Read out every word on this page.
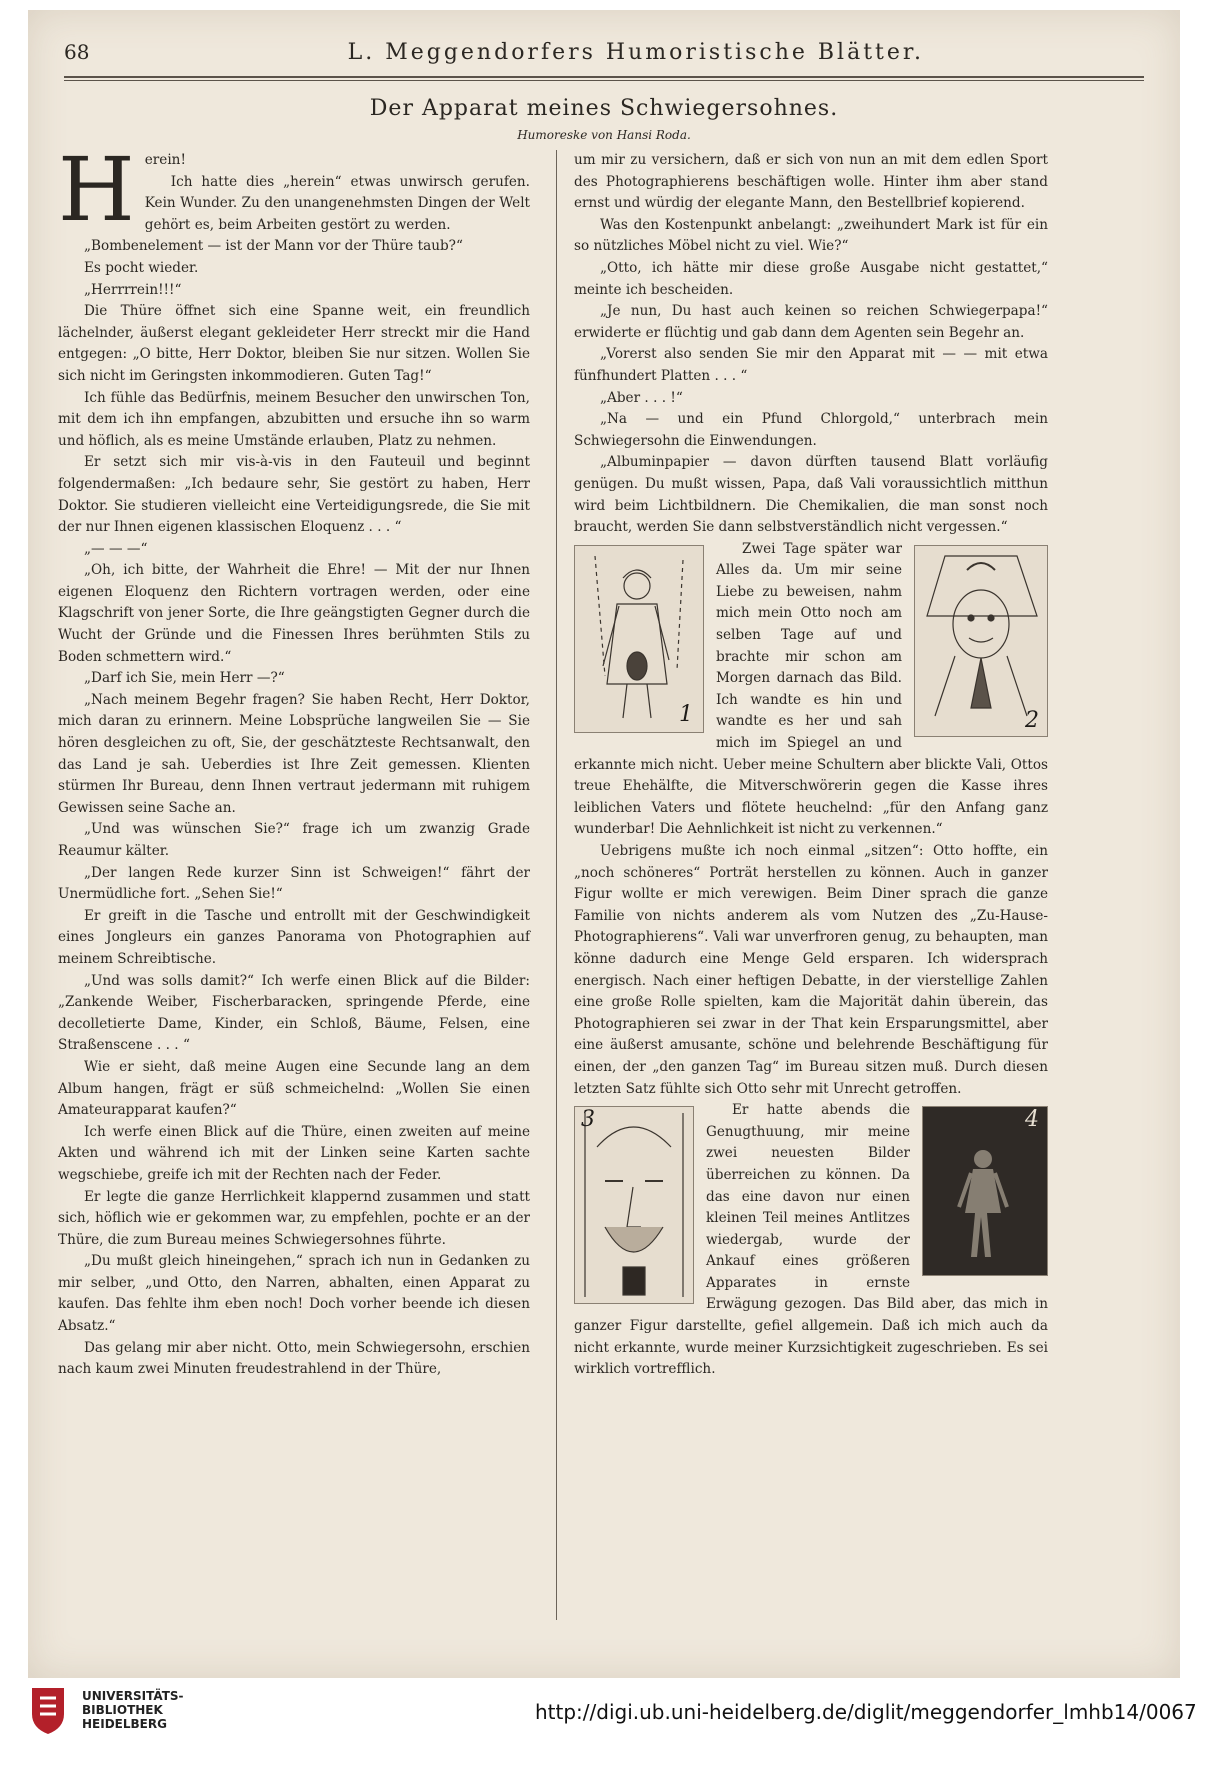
68	L. Meggendorfers Humoristische Blätter.
Der Apparat meines Schwiegersohnes.
Humoreske von Hansi Roda.
H erein!

Ich hatte dies „herein“ etwas unwirsch gerufen. Kein Wunder. Zu den unangenehmsten Dingen der Welt gehört es, beim Arbeiten gestört zu werden.

„Bombenelement — ist der Mann vor der Thüre taub?“

Es pocht wieder.

„Herrrrein!!!“

Die Thüre öffnet sich eine Spanne weit, ein freundlich lächelnder, äußerst elegant gekleideter Herr streckt mir die Hand entgegen: „O bitte, Herr Doktor, bleiben Sie nur sitzen. Wollen Sie sich nicht im Geringsten inkommodieren. Guten Tag!“

Ich fühle das Bedürfnis, meinem Besucher den unwirschen Ton, mit dem ich ihn empfangen, abzubitten und ersuche ihn so warm und höflich, als es meine Umstände erlauben, Platz zu nehmen.

Er setzt sich mir vis-à-vis in den Fauteuil und beginnt folgendermaßen: „Ich bedaure sehr, Sie gestört zu haben, Herr Doktor. Sie studieren vielleicht eine Verteidigungsrede, die Sie mit der nur Ihnen eigenen klassischen Eloquenz . . . “

„— — —“

„Oh, ich bitte, der Wahrheit die Ehre! — Mit der nur Ihnen eigenen Eloquenz den Richtern vortragen werden, oder eine Klagschrift von jener Sorte, die Ihre geängstigten Gegner durch die Wucht der Gründe und die Finessen Ihres berühmten Stils zu Boden schmettern wird.“

„Darf ich Sie, mein Herr —?“

„Nach meinem Begehr fragen? Sie haben Recht, Herr Doktor, mich daran zu erinnern. Meine Lobsprüche langweilen Sie — Sie hören desgleichen zu oft, Sie, der geschätzteste Rechtsanwalt, den das Land je sah. Ueberdies ist Ihre Zeit gemessen. Klienten stürmen Ihr Bureau, denn Ihnen vertraut jedermann mit ruhigem Gewissen seine Sache an.

„Und was wünschen Sie?“ frage ich um zwanzig Grade Reaumur kälter.

„Der langen Rede kurzer Sinn ist Schweigen!“ fährt der Unermüdliche fort. „Sehen Sie!“

Er greift in die Tasche und entrollt mit der Geschwindigkeit eines Jongleurs ein ganzes Panorama von Photographien auf meinem Schreibtische.

„Und was solls damit?“ Ich werfe einen Blick auf die Bilder: „Zankende Weiber, Fischerbaracken, springende Pferde, eine decolletierte Dame, Kinder, ein Schloß, Bäume, Felsen, eine Straßenscene . . . “

Wie er sieht, daß meine Augen eine Secunde lang an dem Album hangen, frägt er süß schmeichelnd: „Wollen Sie einen Amateurapparat kaufen?“

Ich werfe einen Blick auf die Thüre, einen zweiten auf meine Akten und während ich mit der Linken seine Karten sachte wegschiebe, greife ich mit der Rechten nach der Feder.

Er legte die ganze Herrlichkeit klappernd zusammen und statt sich, höflich wie er gekommen war, zu empfehlen, pochte er an der Thüre, die zum Bureau meines Schwiegersohnes führte.

„Du mußt gleich hineingehen,“ sprach ich nun in Gedanken zu mir selber, „und Otto, den Narren, abhalten, einen Apparat zu kaufen. Das fehlte ihm eben noch! Doch vorher beende ich diesen Absatz.“

Das gelang mir aber nicht. Otto, mein Schwiegersohn, erschien nach kaum zwei Minuten freudestrahlend in der Thüre,

um mir zu versichern, daß er sich von nun an mit dem edlen Sport des Photographierens beschäftigen wolle. Hinter ihm aber stand ernst und würdig der elegante Mann, den Bestellbrief kopierend.

Was den Kostenpunkt anbelangt: „zweihundert Mark ist für ein so nützliches Möbel nicht zu viel. Wie?“

„Otto, ich hätte mir diese große Ausgabe nicht gestattet,“ meinte ich bescheiden.

„Je nun, Du hast auch keinen so reichen Schwiegerpapa!“ erwiderte er flüchtig und gab dann dem Agenten sein Begehr an.

„Vorerst also senden Sie mir den Apparat mit — — mit etwa fünfhundert Platten . . . “

„Aber . . . !“

„Na — und ein Pfund Chlorgold,“ unterbrach mein Schwiegersohn die Einwendungen.

„Albuminpapier — davon dürften tausend Blatt vorläufig genügen. Du mußt wissen, Papa, daß Vali voraussichtlich mitthun wird beim Lichtbildnern. Die Chemikalien, die man sonst noch braucht, werden Sie dann selbstverständlich nicht vergessen.“

1	2

Zwei Tage später war Alles da. Um mir seine Liebe zu beweisen, nahm mich mein Otto noch am selben Tage auf und brachte mir schon am Morgen darnach das Bild. Ich wandte es hin und wandte es her und sah mich im Spiegel an und erkannte mich nicht. Ueber meine Schultern aber blickte Vali, Ottos treue Ehehälfte, die Mitverschwörerin gegen die Kasse ihres leiblichen Vaters und flötete heuchelnd: „für den Anfang ganz wunderbar! Die Aehnlichkeit ist nicht zu verkennen.“

Uebrigens mußte ich noch einmal „sitzen“: Otto hoffte, ein „noch schöneres“ Porträt herstellen zu können. Auch in ganzer Figur wollte er mich verewigen. Beim Diner sprach die ganze Familie von nichts anderem als vom Nutzen des „Zu-Hause-Photographierens“. Vali war unverfroren genug, zu behaupten, man könne dadurch eine Menge Geld ersparen. Ich widersprach energisch. Nach einer heftigen Debatte, in der vierstellige Zahlen eine große Rolle spielten, kam die Majorität dahin überein, das Photographieren sei zwar in der That kein Ersparungsmittel, aber eine äußerst amusante, schöne und belehrende Beschäftigung für einen, der „den ganzen Tag“ im Bureau sitzen muß. Durch diesen letzten Satz fühlte sich Otto sehr mit Unrecht getroffen.

3	4

Er hatte abends die Genugthuung, mir meine zwei neuesten Bilder überreichen zu können. Da das eine davon nur einen kleinen Teil meines Antlitzes wiedergab, wurde der Ankauf eines größeren Apparates in ernste Erwägung gezogen. Das Bild aber, das mich in ganzer Figur darstellte, gefiel allgemein. Daß ich mich auch da nicht erkannte, wurde meiner Kurzsichtigkeit zugeschrieben. Es sei wirklich vortrefflich.

UNIVERSITÄTS-
BIBLIOTHEK
HEIDELBERG	http://digi.ub.uni-heidelberg.de/diglit/meggendorfer_lmhb14/0067
